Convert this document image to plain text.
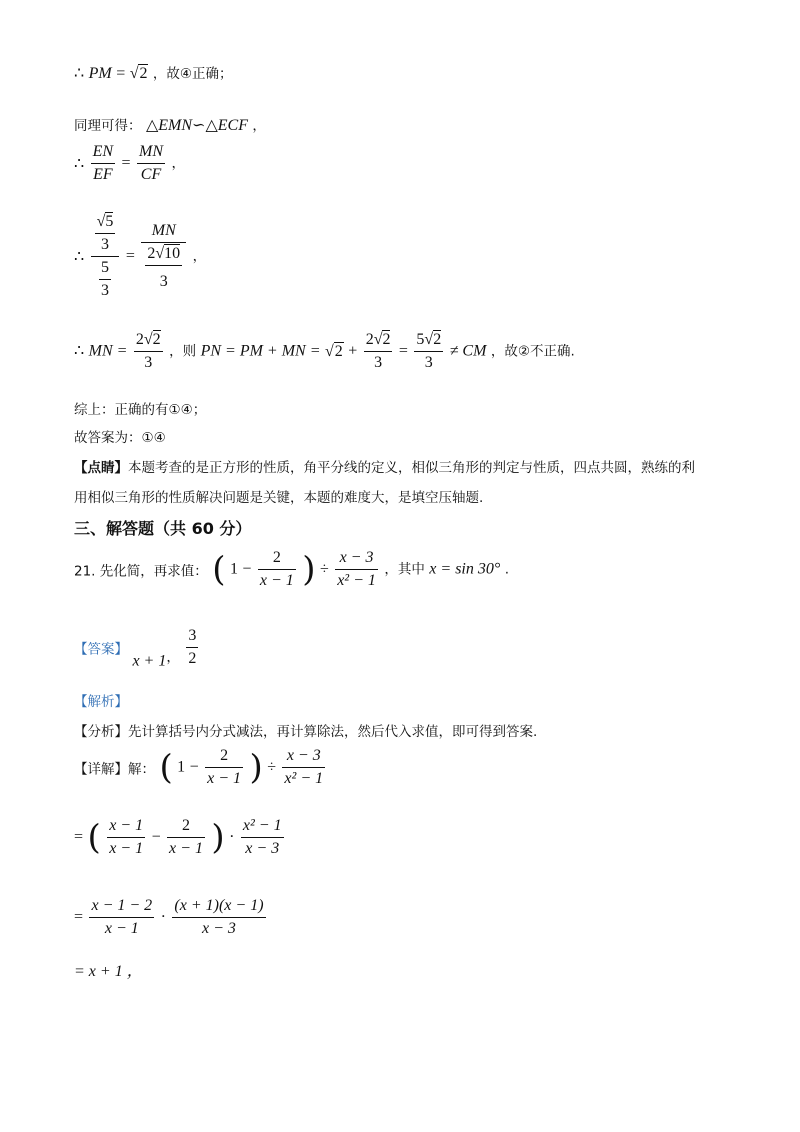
∴ PM = √2 ，故④正确；
同理可得： △EMN∽△ECF ，
∴ $\frac{EN}{EF} = \frac{MN}{CF}$ ，
∴ $\frac{\frac{√5}{3}}{\frac{5}{3}} = \frac{MN}{\frac{2√10}{3}}$ ，
∴ MN = $\frac{2√2}{3}$ ，则 PN = PM + MN = $√2 + \frac{2√2}{3} = \frac{5√2}{3}$ ≠ CM ，故②不正确.
综上：正确的有①④；
故答案为：①④
【点睛】本题考查的是正方形的性质，角平分线的定义，相似三角形的判定与性质，四点共圆，熟练的利
用相似三角形的性质解决问题是关键，本题的难度大，是填空压轴题.
三、解答题（共 60 分）
21. 先化简，再求值： ( $1 - \frac{2}{x - 1}$ ) ÷ $\frac{x - 3}{\text{x² − 1}}$ ，其中 x = sin 30° .
【答案】 x + 1， $\frac{3}{2}$
【解析】
【分析】先计算括号内分式减法，再计算除法，然后代入求值，即可得到答案.
【详解】解： ( $1 - \frac{2}{x - 1}$ ) ÷ $\frac{x - 3}{\text{x² − 1}}$
= ( $\frac{x - 1}{x - 1} - \frac{2}{x - 1}$ ) · $\frac{\text{x² − 1}}{x - 3}$
= $\frac{x - 1 - 2}{x - 1} \cdot \frac{(x + 1)(x - 1)}{x - 3}$
= x + 1 ，
